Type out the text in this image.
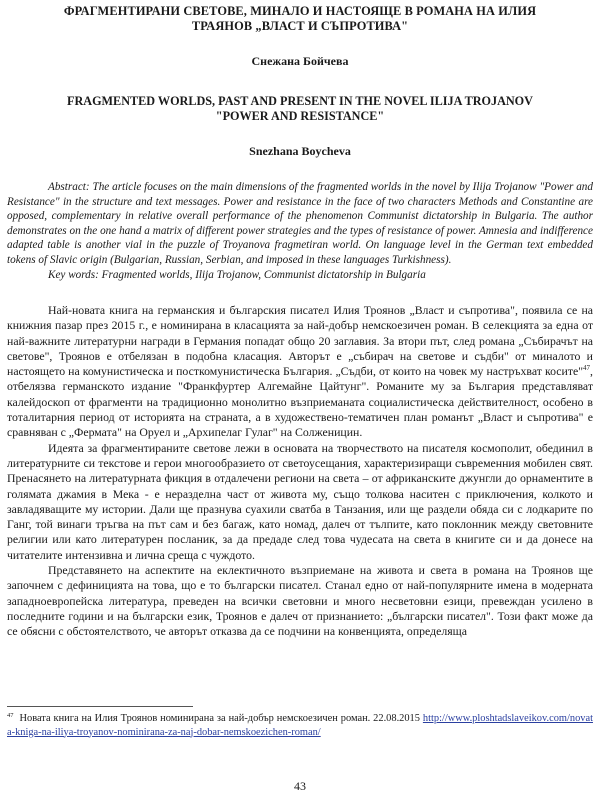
ФРАГМЕНТИРАНИ СВЕТОВЕ, МИНАЛО И НАСТОЯЩЕ В РОМАНА НА ИЛИЯ
ТРАЯНОВ „ВЛАСТ И СЪПРОТИВА"
Снежана Бойчева
FRAGMENTED WORLDS, PAST AND PRESENT IN THE NOVEL ILIJA TROJANOV
"POWER AND RESISTANCE"
Snezhana Boycheva
Abstract: The article focuses on the main dimensions of the fragmented worlds in the novel by Ilija Trojanow "Power and Resistance" in the structure and text messages. Power and resistance in the face of two characters Methods and Constantine are opposed, complementary in relative overall performance of the phenomenon Communist dictatorship in Bulgaria. The author demonstrates on the one hand a matrix of different power strategies and the types of resistance of power. Amnesia and indifference adapted table is another vial in the puzzle of Troyanova fragmetiran world. On language level in the German text embedded tokens of Slavic origin (Bulgarian, Russian, Serbian, and imposed in these languages Turkishness).
Key words: Fragmented worlds, Ilija Trojanow, Communist dictatorship in Bulgaria

Най-новата книга на германския и българския писател Илия Троянов „Власт и съпротива", появила се на книжния пазар през 2015 г., е номинирана в класацията за най-добър немскоезичен роман. В селекцията за една от най-важните литературни награди в Германия попадат общо 20 заглавия. За втори път, след романа „Събирачът на светове", Троянов е отбелязан в подобна класация. Авторът е „събирач на светове и съдби" от миналото и настоящето на комунистическа и посткомунистическа България. „Съдби, от които на човек му настръхват косите"$^{47}$, отбелязва германското издание "Франкфуртер Алгемайне Цайтунг". Романите му за България представляват калейдоскоп от фрагменти на традиционно монолитно възприеманата социалистическа действителност, особено в тоталитарния период от историята на страната, а в художествено-тематичен план романът „Власт и съпротива" е сравняван с „Фермата" на Оруел и „Архипелаг Гулаг" на Солженицин.

Идеята за фрагментираните светове лежи в основата на творчеството на писателя космополит, обединил в литературните си текстове и герои многообразието от светоусещания, характеризиращи съвременния мобилен свят. Пренасянето на литературната фикция в отдалечени региони на света – от африканските джунгли до орнаментите в голямата джамия в Мека - е неразделна част от живота му, също толкова наситен с приключения, колкото и завладяващите му истории. Дали ще празнува суахили сватба в Танзания, или ще раздели обяда си с лодкарите по Ганг, той винаги тръгва на път сам и без багаж, като номад, далеч от тълпите, като поклонник между световните религии или като литературен посланик, за да предаде след това чудесата на света в книгите си и да донесе на читателите интензивна и лична среща с чуждото.

Представянето на аспектите на еклектичното възприемане на живота и света в романа на Троянов ще започнем с дефиницията на това, що е то български писател. Станал едно от най-популярните имена в модерната западноевропейска литература, преведен на всички световни и много несветовни езици, превеждан усилено в последните години и на български език, Троянов е далеч от признанието: „български писател". Този факт може да се обясни с обстоятелството, че авторът отказва да се подчини на конвенцията, определяща

$^{47}$ Новата книга на Илия Троянов номинирана за най-добър немскоезичен роман. 22.08.2015 http://www.ploshtadslaveikov.com/novata-kniga-na-iliya-troyanov-nominirana-za-naj-dobar-nemskoezichen-roman/
43
